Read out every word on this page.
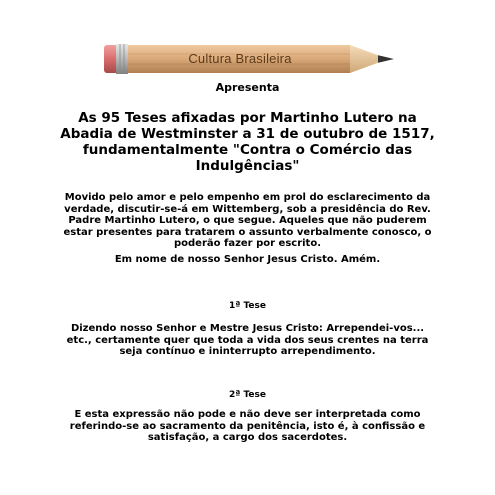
Cultura Brasileira

Apresenta

As 95 Teses afixadas por Martinho Lutero na
Abadia de Westminster a 31 de outubro de 1517,
fundamentalmente "Contra o Comércio das
Indulgências"
Movido pelo amor e pelo empenho em prol do esclarecimento da
verdade, discutir-se-á em Wittemberg, sob a presidência do Rev.
Padre Martinho Lutero, o que segue. Aqueles que não puderem
estar presentes para tratarem o assunto verbalmente conosco, o
poderão fazer por escrito.

Em nome de nosso Senhor Jesus Cristo. Amém.

1ª Tese

Dizendo nosso Senhor e Mestre Jesus Cristo: Arrependei-vos...
etc., certamente quer que toda a vida dos seus crentes na terra
seja contínuo e ininterrupto arrependimento.

2ª Tese

E esta expressão não pode e não deve ser interpretada como
referindo-se ao sacramento da penitência, isto é, à confissão e
satisfação, a cargo dos sacerdotes.
